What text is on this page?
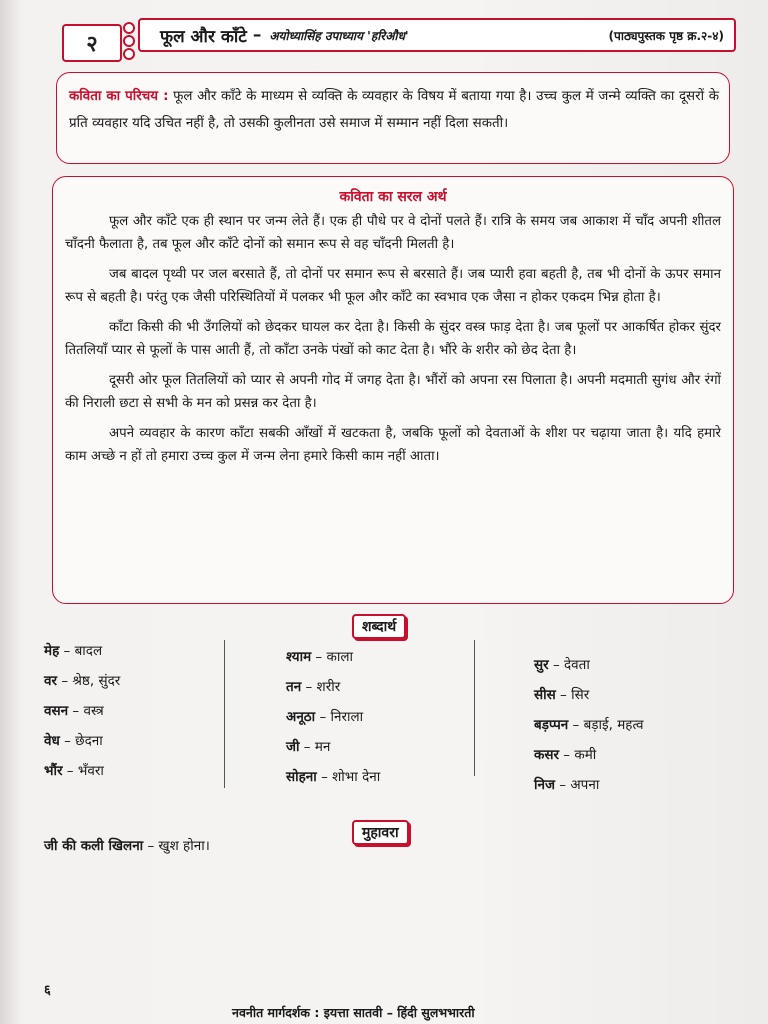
२	फूल और काँटे – अयोध्यासिंह उपाध्याय 'हरिऔध'	(पाठ्यपुस्तक पृष्ठ क्र.२-४)

कविता का परिचय : फूल और काँटे के माध्यम से व्यक्ति के व्यवहार के विषय में बताया गया है। उच्च कुल में जन्मे व्यक्ति का दूसरों के प्रति व्यवहार यदि उचित नहीं है, तो उसकी कुलीनता उसे समाज में सम्मान नहीं दिला सकती।

कविता का सरल अर्थ

फूल और काँटे एक ही स्थान पर जन्म लेते हैं। एक ही पौधे पर वे दोनों पलते हैं। रात्रि के समय जब आकाश में चाँद अपनी शीतल चाँदनी फैलाता है, तब फूल और काँटे दोनों को समान रूप से वह चाँदनी मिलती है।

जब बादल पृथ्वी पर जल बरसाते हैं, तो दोनों पर समान रूप से बरसाते हैं। जब प्यारी हवा बहती है, तब भी दोनों के ऊपर समान रूप से बहती है। परंतु एक जैसी परिस्थितियों में पलकर भी फूल और काँटे का स्वभाव एक जैसा न होकर एकदम भिन्न होता है।

काँटा किसी की भी उँगलियों को छेदकर घायल कर देता है। किसी के सुंदर वस्त्र फाड़ देता है। जब फूलों पर आकर्षित होकर सुंदर तितलियाँ प्यार से फूलों के पास आती हैं, तो काँटा उनके पंखों को काट देता है। भौंरे के शरीर को छेद देता है।

दूसरी ओर फूल तितलियों को प्यार से अपनी गोद में जगह देता है। भौंरों को अपना रस पिलाता है। अपनी मदमाती सुगंध और रंगों की निराली छटा से सभी के मन को प्रसन्न कर देता है।

अपने व्यवहार के कारण काँटा सबकी आँखों में खटकता है, जबकि फूलों को देवताओं के शीश पर चढ़ाया जाता है। यदि हमारे काम अच्छे न हों तो हमारा उच्च कुल में जन्म लेना हमारे किसी काम नहीं आता।

शब्दार्थ
मेह – बादल
वर – श्रेष्ठ, सुंदर
वसन – वस्त्र
वेध – छेदना
भौंर – भँवरा
श्याम – काला
तन – शरीर
अनूठा – निराला
जी – मन
सोहना – शोभा देना
सुर – देवता
सीस – सिर
बड़प्पन – बड़ाई, महत्व
कसर – कमी
निज – अपना
मुहावरा
जी की कली खिलना – खुश होना।
६
नवनीत मार्गदर्शक : इयत्ता सातवी – हिंदी सुलभभारती
